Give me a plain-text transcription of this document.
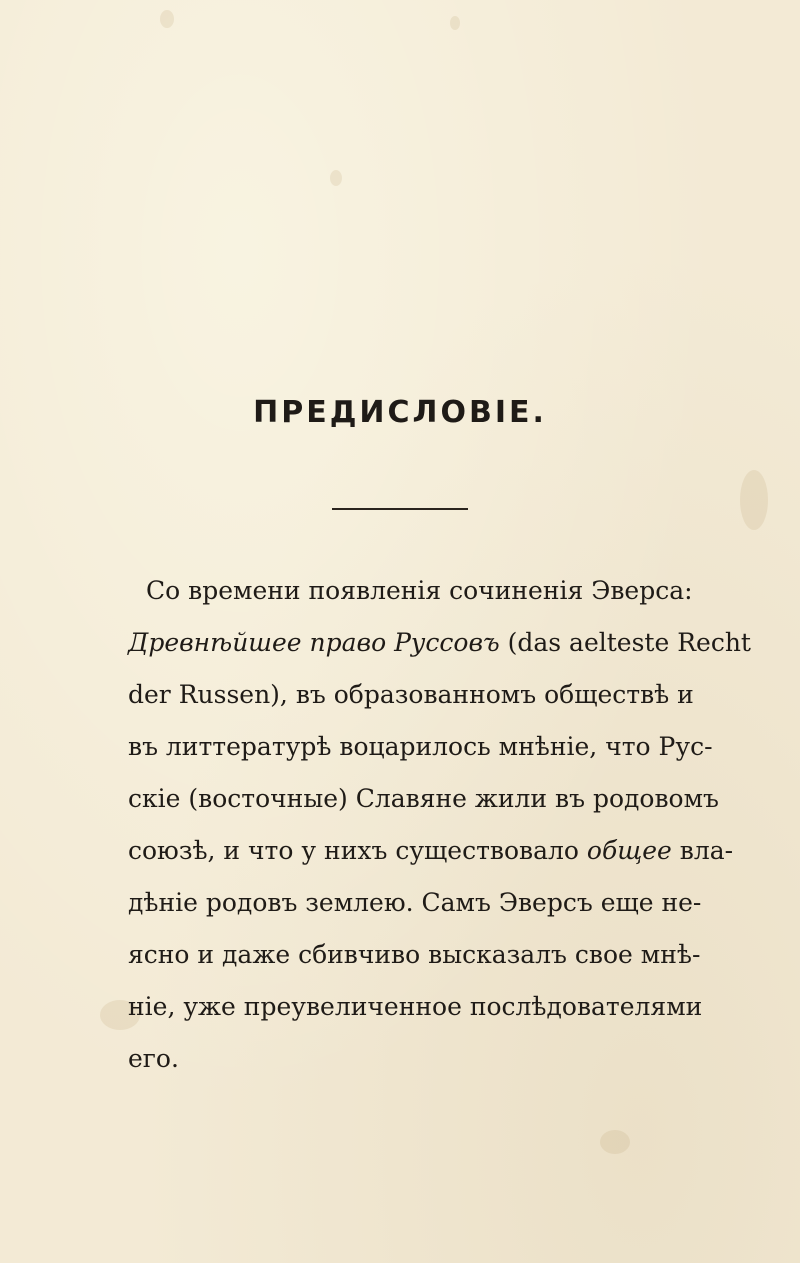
ПРЕДИСЛОВІЕ.
Со времени появленія сочиненія Эверса:
Древнѣйшее право Руссовъ (das aelteste Recht
der Russen), въ образованномъ обществѣ и
въ литтературѣ воцарилось мнѣніе, что Рус-
скіе (восточные) Славяне жили въ родовомъ
союзѣ, и что у нихъ существовало общее вла-
дѣніе родовъ землею. Самъ Эверсъ еще не-
ясно и даже сбивчиво высказалъ свое мнѣ-
ніе, уже преувеличенное послѣдователями
его.
